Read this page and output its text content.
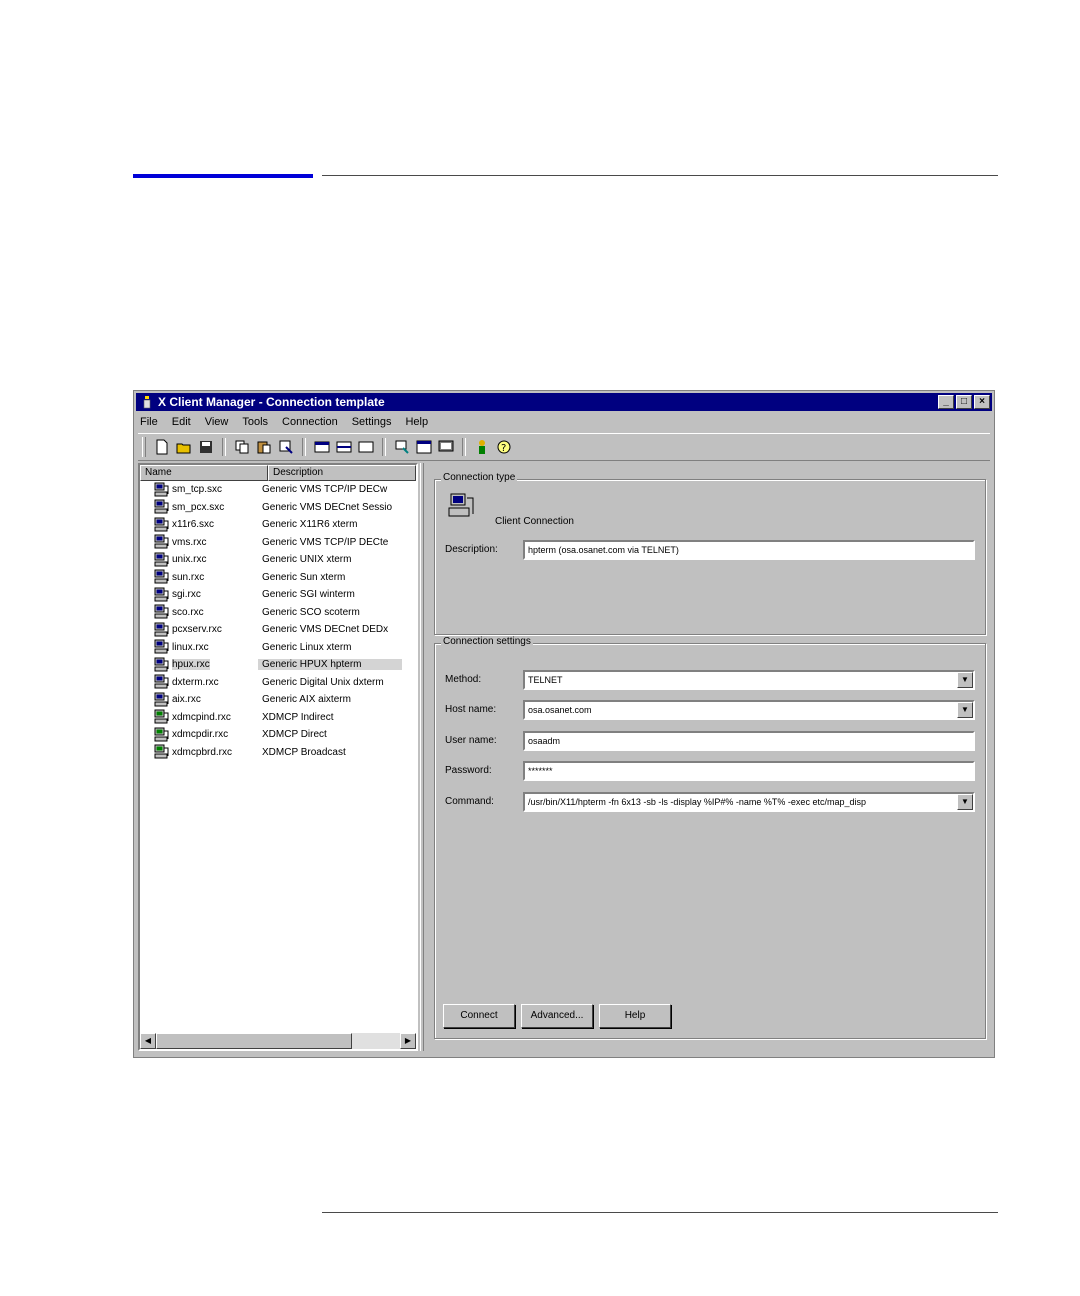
X Client Manager - Connection template	_	□	×
File Edit View Tools Connection Settings Help
?
Name	Description
sm_tcp.sxc	Generic VMS TCP/IP DECw
sm_pcx.sxc	Generic VMS DECnet Sessio
x11r6.sxc	Generic X11R6 xterm
vms.rxc	Generic VMS TCP/IP DECte
unix.rxc	Generic UNIX xterm
sun.rxc	Generic Sun xterm
sgi.rxc	Generic SGI winterm
sco.rxc	Generic SCO scoterm
pcxserv.rxc	Generic VMS DECnet DEDx
linux.rxc	Generic Linux xterm
hpux.rxc	Generic HPUX hpterm
dxterm.rxc	Generic Digital Unix dxterm
aix.rxc	Generic AIX aixterm
xdmcpind.rxc	XDMCP Indirect
xdmcpdir.rxc	XDMCP Direct
xdmcpbrd.rxc	XDMCP Broadcast
◀	▶
Connection type
Client Connection
Description:	hpterm (osa.osanet.com via TELNET)
Connection settings
Method:	TELNET	▼
Host name:	osa.osanet.com	▼
User name:	osaadm
Password:	*******
Command:	/usr/bin/X11/hpterm -fn 6x13 -sb -ls -display %IP#% -name %T% -exec etc/map_disp	▼
Connect	Advanced...	Help
